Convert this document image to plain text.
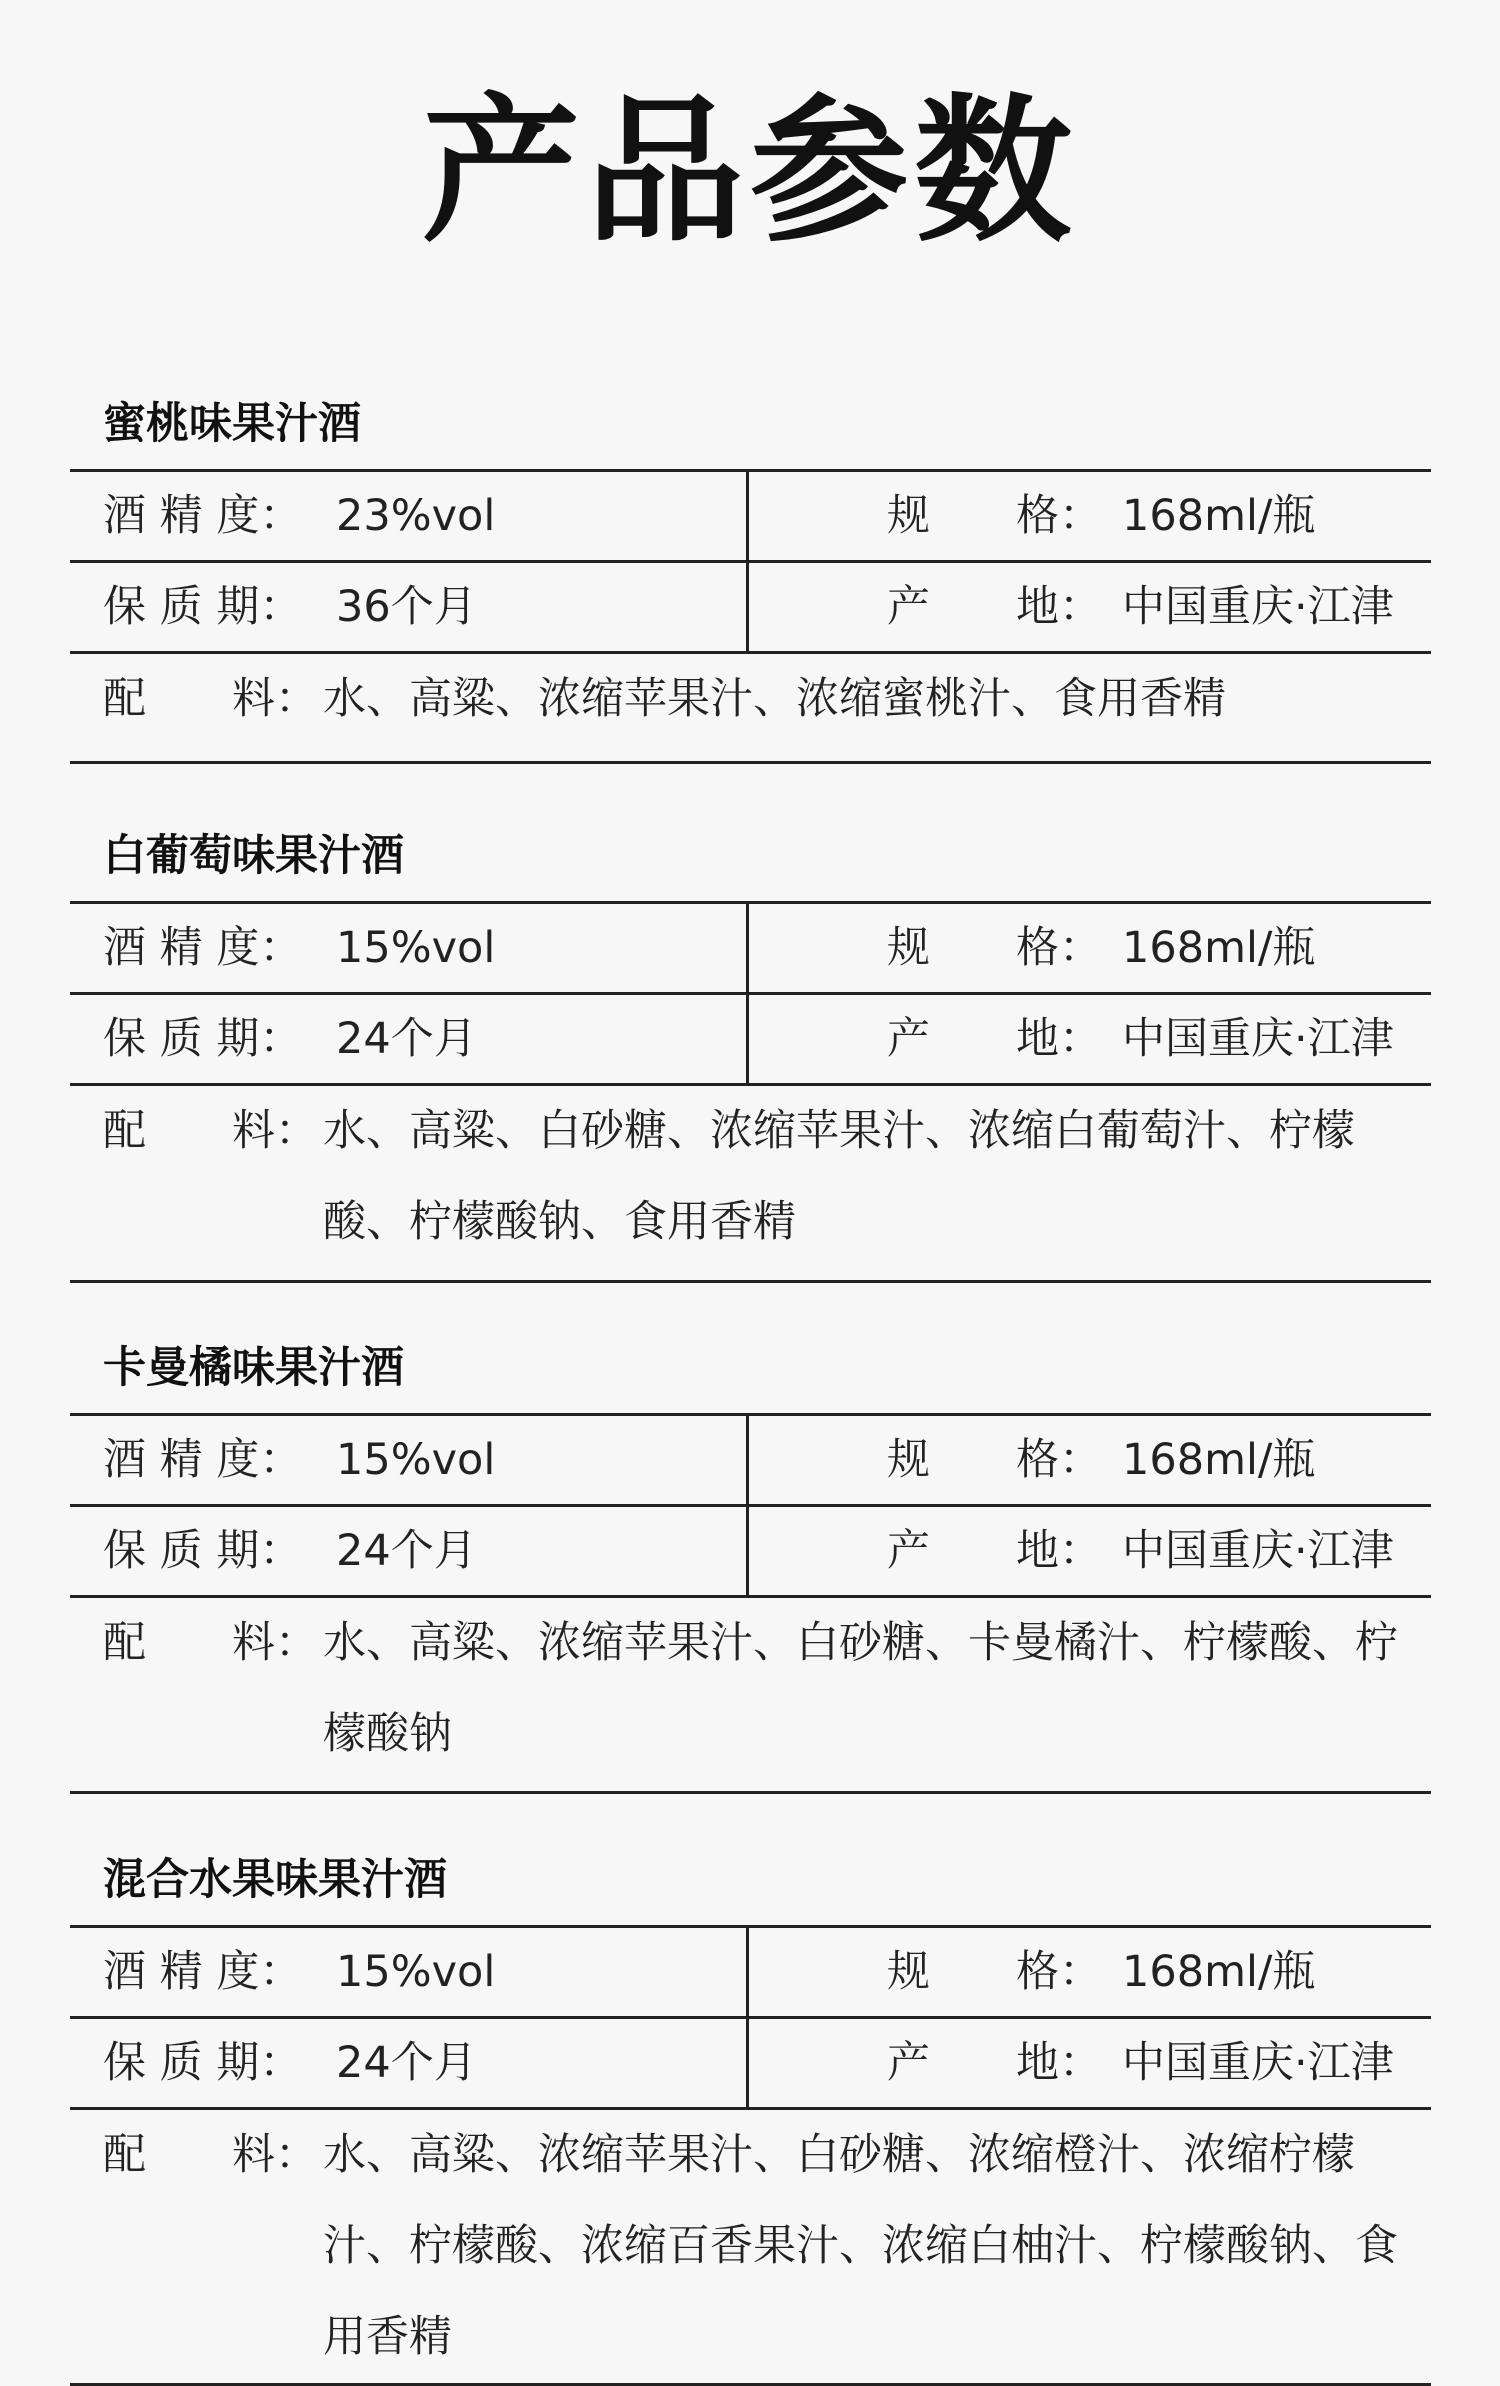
产品参数
蜜桃味果汁酒
酒 精 度： 23%vol	规　　格： 168ml/瓶
保 质 期： 36个月	产　　地： 中国重庆·江津
配　　料： 水、高粱、浓缩苹果汁、浓缩蜜桃汁、食用香精
白葡萄味果汁酒
酒 精 度： 15%vol	规　　格： 168ml/瓶
保 质 期： 24个月	产　　地： 中国重庆·江津
配　　料： 水、高粱、白砂糖、浓缩苹果汁、浓缩白葡萄汁、柠檬酸、柠檬酸钠、食用香精
卡曼橘味果汁酒
酒 精 度： 15%vol	规　　格： 168ml/瓶
保 质 期： 24个月	产　　地： 中国重庆·江津
配　　料： 水、高粱、浓缩苹果汁、白砂糖、卡曼橘汁、柠檬酸、柠檬酸钠
混合水果味果汁酒
酒 精 度： 15%vol	规　　格： 168ml/瓶
保 质 期： 24个月	产　　地： 中国重庆·江津
配　　料： 水、高粱、浓缩苹果汁、白砂糖、浓缩橙汁、浓缩柠檬汁、柠檬酸、浓缩百香果汁、浓缩白柚汁、柠檬酸钠、食用香精
